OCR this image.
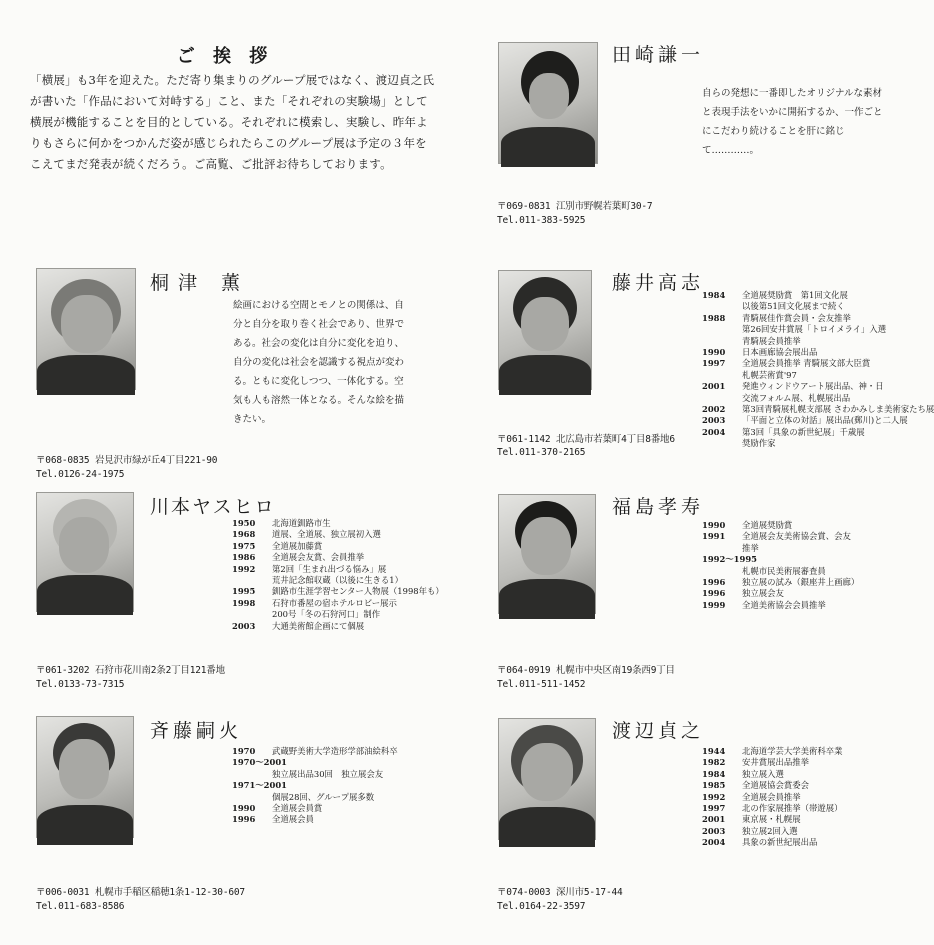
ご 挨 拶
「横展」も3年を迎えた。ただ寄り集まりのグループ展ではなく、渡辺貞之氏が書いた「作品において対峙する」こと、また「それぞれの実験場」として横展が機能することを目的としている。それぞれに模索し、実験し、昨年よりもさらに何かをつかんだ姿が感じられたらこのグループ展は予定の３年をこえてまだ発表が続くだろう。ご高覧、ご批評お待ちしております。
田崎謙一
自らの発想に一番即したオリジナルな素材と表現手法をいかに開拓するか、一作ごとにこだわり続けることを肝に銘じて…………。
〒069-0831 江別市野幌若葉町30-7
Tel.011-383-5925
桐津 薫
絵画における空間とモノとの関係は、自分と自分を取り巻く社会であり、世界である。社会の変化は自分に変化を迫り、自分の変化は社会を認識する視点が変わる。ともに変化しつつ、一体化する。空気も人も溶然一体となる。そんな絵を描きたい。
〒068-0835 岩見沢市緑が丘4丁目221-90
Tel.0126-24-1975
藤井高志
1984	全道展奨励賞　第1回文化展
以後第51回文化展まで続く
1988	青騎展佳作賞会員・会友推挙
第26回安井賞展「トロイメライ」入選
青騎展会員推挙
1990	日本画廊協会展出品
1997	全道展会員推挙 青騎展文部大臣賞
札幌芸術賞'97
2001	発進ウィンドウアート展出品、神・日
交流フォルム展、札幌展出品
2002	第3回青騎展札幌支部展 さわかみしま美術家たち展
2003	「平面と立体の対話」展出品(郵川)と二人展
2004	第3回「具象の新世紀展」千歳展
奨励作家
〒061-1142 北広島市若葉町4丁目8番地6
Tel.011-370-2165
川本ヤスヒロ
1950	北海道釧路市生
1968	道展、全道展、独立展初入選
1975	全道展加藤賞
1986	全道展会友賞、会員推挙
1992	第2回「生まれ出づる悩み」展
荒井記念館収蔵（以後に生きる1）
1995	釧路市生涯学習センター人物展（1998年も）
1998	石狩市番屋の宿ホテルロビー展示
200号「冬の石狩河口」制作
2003	大通美術館企画にて個展
〒061-3202 石狩市花川南2条2丁目121番地
Tel.0133-73-7315
福島孝寿
1990	全道展奨励賞
1991	全道展会友美術協会賞、会友
推挙
1992～1995
札幌市民美術展審査員
1996	独立展の試み（銀座井上画廊）
1996	独立展会友
1999	全道美術協会会員推挙
〒064-0919 札幌市中央区南19条西9丁目
Tel.011-511-1452
斉藤嗣火
1970	武蔵野美術大学造形学部油絵科卒
1970～2001
独立展出品30回　独立展会友
1971～2001
個展28回、グループ展多数
1990	全道展会員賞
1996	全道展会員
〒006-0031 札幌市手稲区稲穂1条1-12-30-607
Tel.011-683-8586
渡辺貞之
1944	北海道学芸大学美術科卒業
1982	安井賞展出品推挙
1984	独立展入選
1985	全道展協会賞委会
1992	全道展会員推挙
1997	北の作家展推挙（帯遊展）
2001	東京展・札幌展
2003	独立展2回入選
2004	具象の新世紀展出品
〒074-0003 深川市5-17-44
Tel.0164-22-3597
